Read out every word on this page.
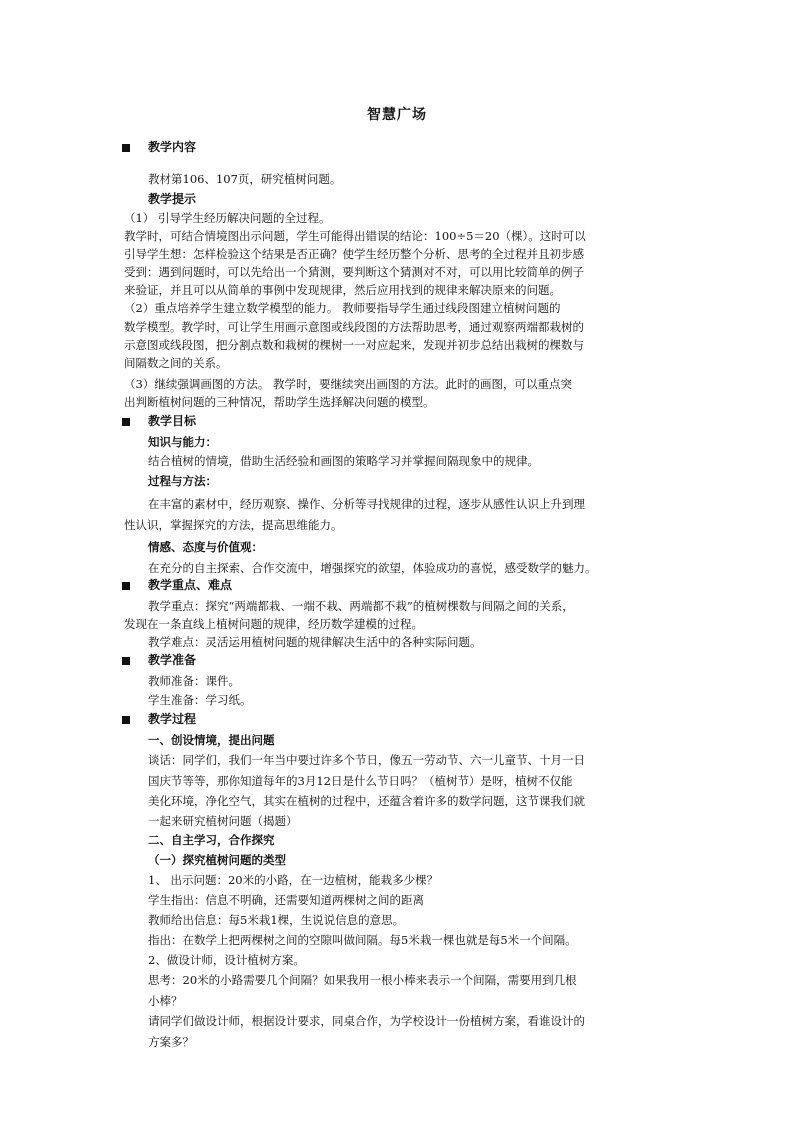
智慧广场
教学内容
教材第106、107页，研究植树问题。
教学提示
（1） 引导学生经历解决问题的全过程。
教学时，可结合情境图出示问题，学生可能得出错误的结论：100÷5＝20（棵）。这时可以
引导学生想：怎样检验这个结果是否正确？使学生经历整个分析、思考的全过程并且初步感
受到：遇到问题时，可以先给出一个猜测，要判断这个猜测对不对，可以用比较简单的例子
来验证，并且可以从简单的事例中发现规律，然后应用找到的规律来解决原来的问题。
（2）重点培养学生建立数学模型的能力。 教师要指导学生通过线段图建立植树问题的
数学模型。教学时，可让学生用画示意图或线段图的方法帮助思考，通过观察两端都栽树的
示意图或线段图，把分割点数和栽树的棵树一一对应起来，发现并初步总结出栽树的棵数与
间隔数之间的关系。
（3）继续强调画图的方法。 教学时，要继续突出画图的方法。此时的画图，可以重点突
出判断植树问题的三种情况，帮助学生选择解决问题的模型。
教学目标
知识与能力：
结合植树的情境，借助生活经验和画图的策略学习并掌握间隔现象中的规律。
过程与方法：
在丰富的素材中，经历观察、操作、分析等寻找规律的过程，逐步从感性认识上升到理
性认识，掌握探究的方法，提高思维能力。
情感、态度与价值观：
在充分的自主探索、合作交流中，增强探究的欲望，体验成功的喜悦，感受数学的魅力。
教学重点、难点
教学重点：探究“两端都栽、一端不栽、两端都不栽”的植树棵数与间隔之间的关系，
发现在一条直线上植树问题的规律，经历数学建模的过程。
教学难点：灵活运用植树问题的规律解决生活中的各种实际问题。
教学准备
教师准备：课件。
学生准备：学习纸。
教学过程
一、创设情境，提出问题
谈话：同学们，我们一年当中要过许多个节日，像五一劳动节、六一儿童节、十月一日
国庆节等等，那你知道每年的3月12日是什么节日吗？（植树节）是呀，植树不仅能
美化环境，净化空气，其实在植树的过程中，还蕴含着许多的数学问题，这节课我们就
一起来研究植树问题（揭题）
二、自主学习，合作探究
（一）探究植树问题的类型
1、 出示问题：20米的小路，在一边植树，能栽多少棵？
学生指出：信息不明确，还需要知道两棵树之间的距离
教师给出信息：每5米栽1棵，生说说信息的意思。
指出：在数学上把两棵树之间的空隙叫做间隔。每5米栽一棵也就是每5米一个间隔。
2、做设计师，设计植树方案。
思考：20米的小路需要几个间隔？如果我用一根小棒来表示一个间隔，需要用到几根
小棒？
请同学们做设计师，根据设计要求，同桌合作，为学校设计一份植树方案，看谁设计的
方案多？
